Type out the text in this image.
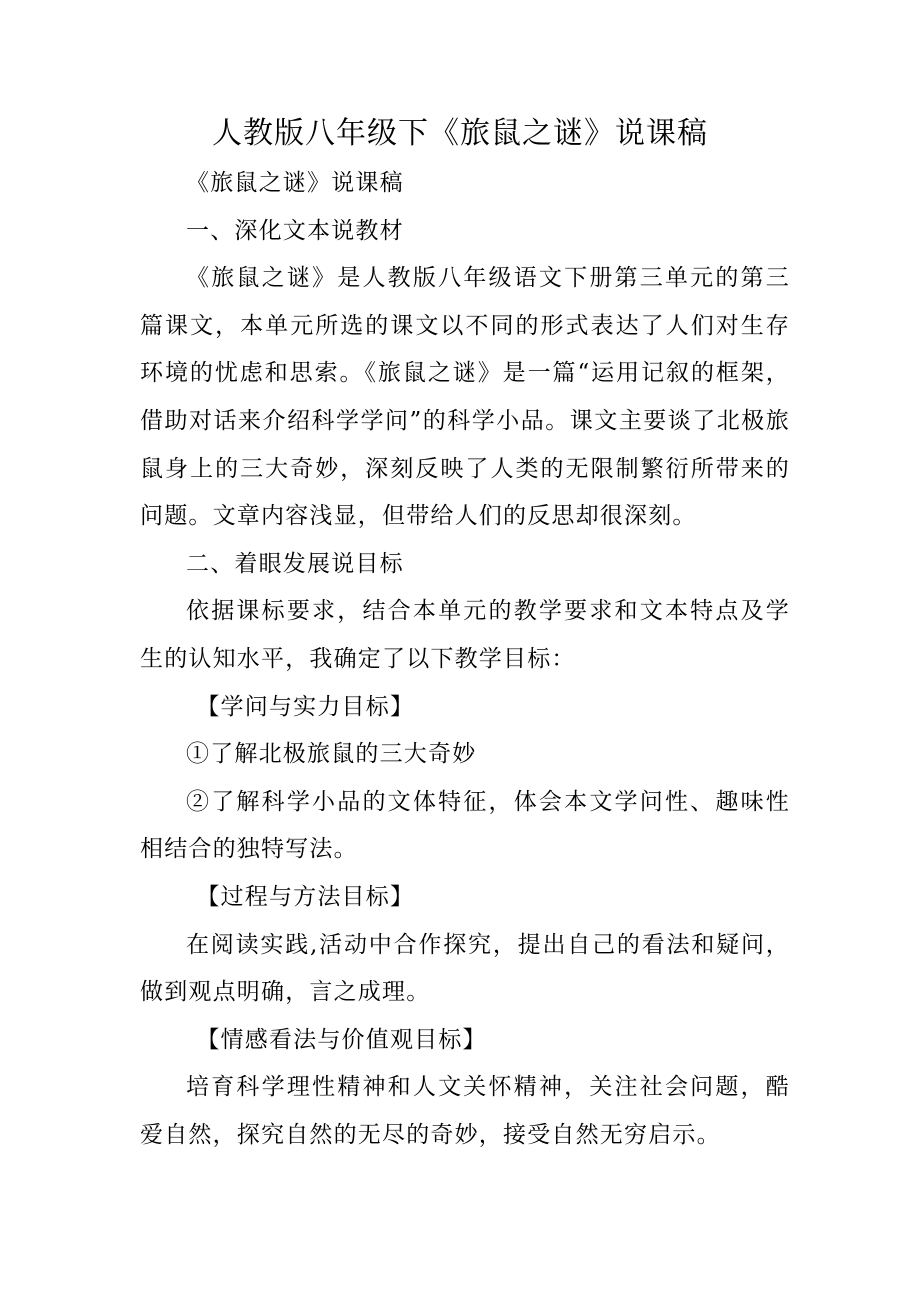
人教版八年级下《旅鼠之谜》说课稿

《旅鼠之谜》说课稿

一、深化文本说教材

《旅鼠之谜》是人教版八年级语文下册第三单元的第三篇课文，本单元所选的课文以不同的形式表达了人们对生存环境的忧虑和思索。《旅鼠之谜》是一篇“运用记叙的框架，借助对话来介绍科学学问”的科学小品。课文主要谈了北极旅鼠身上的三大奇妙，深刻反映了人类的无限制繁衍所带来的问题。文章内容浅显，但带给人们的反思却很深刻。

二、着眼发展说目标

依据课标要求，结合本单元的教学要求和文本特点及学生的认知水平，我确定了以下教学目标：

【学问与实力目标】

①了解北极旅鼠的三大奇妙

②了解科学小品的文体特征，体会本文学问性、趣味性相结合的独特写法。

【过程与方法目标】

在阅读实践,活动中合作探究，提出自己的看法和疑问，做到观点明确，言之成理。

【情感看法与价值观目标】

培育科学理性精神和人文关怀精神，关注社会问题，酷爱自然，探究自然的无尽的奇妙，接受自然无穷启示。
